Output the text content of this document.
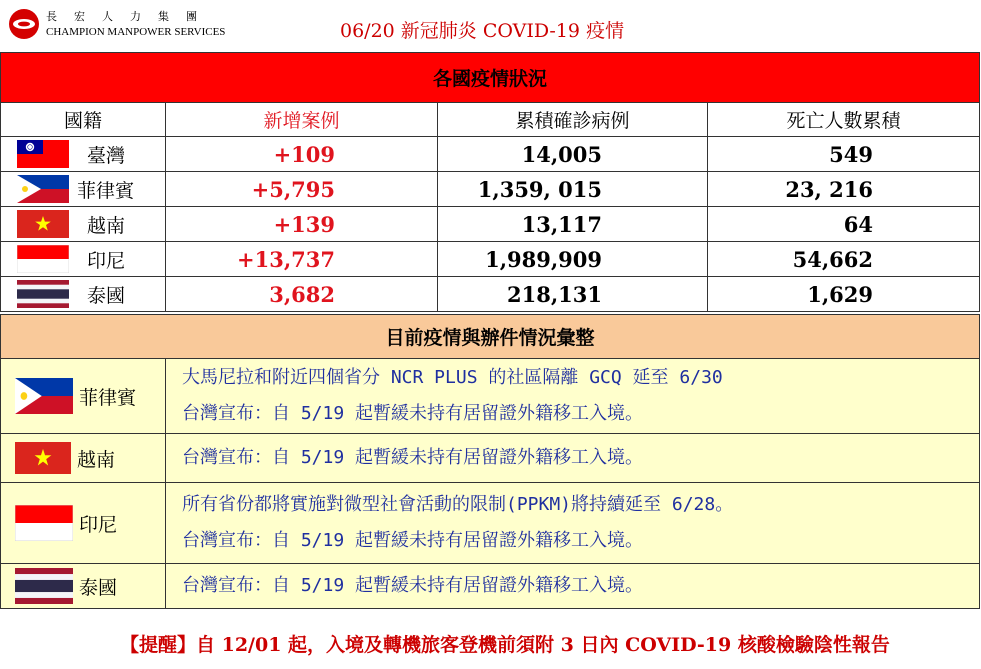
長宏人力集團
CHAMPION MANPOWER SERVICES	06/20 新冠肺炎 COVID-19 疫情
各國疫情狀況			
國籍	新增案例	累積確診病例	死亡人數累積

臺灣	+109	14,005	549

菲律賓	+5,795	1,359, 015	23, 216

越南	+139	13,117	64

印尼	+13,737	1,989,909	54,662

泰國	3,682	218,131	1,629
目前疫情與辦件情況彙整	

菲律賓	大馬尼拉和附近四個省分 NCR PLUS 的社區隔離 GCQ 延至 6/30
台灣宣布：自 5/19 起暫緩未持有居留證外籍移工入境。

越南	台灣宣布：自 5/19 起暫緩未持有居留證外籍移工入境。

印尼	所有省份都將實施對微型社會活動的限制(PPKM)將持續延至 6/28。
台灣宣布：自 5/19 起暫緩未持有居留證外籍移工入境。

泰國	台灣宣布：自 5/19 起暫緩未持有居留證外籍移工入境。
【提醒】自 12/01 起，入境及轉機旅客登機前須附 3 日內 COVID-19 核酸檢驗陰性報告
